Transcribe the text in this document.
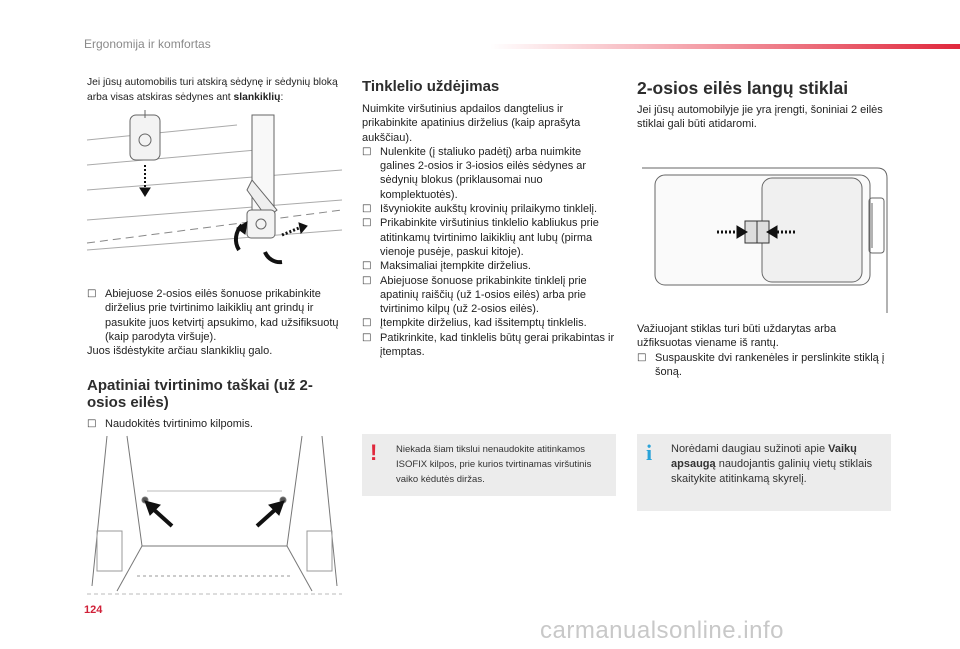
Ergonomija ir komfortas
Jei jūsų automobilis turi atskirą sėdynę ir sėdynių bloką arba visas atskiras sėdynes ant slankiklių:
□ Abiejuose 2-osios eilės šonuose prikabinkite dirželius prie tvirtinimo laikiklių ant grindų ir pasukite juos ketvirtį apsukimo, kad užsifiksuotų (kaip parodyta viršuje).

Juos išdėstykite arčiau slankiklių galo.

Apatiniai tvirtinimo taškai (už 2-osios eilės)
□ Naudokitės tvirtinimo kilpomis.
Tinklelio uždėjimas

Nuimkite viršutinius apdailos dangtelius ir prikabinkite apatinius dirželius (kaip aprašyta aukščiau).

□ Nulenkite (į staliuko padėtį) arba nuimkite galines 2-osios ir 3-iosios eilės sėdynes ar sėdynių blokus (priklausomai nuo komplektuotės).
□ Išvyniokite aukštų krovinių prilaikymo tinklelį.
□ Prikabinkite viršutinius tinklelio kabliukus prie atitinkamų tvirtinimo laikiklių ant lubų (pirma vienoje pusėje, paskui kitoje).
□ Maksimaliai įtempkite dirželius.
□ Abiejuose šonuose prikabinkite tinklelį prie apatinių raiščių (už 1-osios eilės) arba prie tvirtinimo kilpų (už 2-osios eilės).
□ Įtempkite dirželius, kad išsitemptų tinklelis.
□ Patikrinkite, kad tinklelis būtų gerai prikabintas ir įtemptas.
!	Niekada šiam tikslui nenaudokite atitinkamos ISOFIX kilpos, prie kurios tvirtinamas viršutinis vaiko kėdutės diržas.
2-osios eilės langų stiklai
Jei jūsų automobilyje jie yra įrengti, šoniniai 2 eilės stiklai gali būti atidaromi.

Važiuojant stiklas turi būti uždarytas arba užfiksuotas viename iš rantų.

□ Suspauskite dvi rankenėles ir perslinkite stiklą į šoną.
i Norėdami daugiau sužinoti apie Vaikų apsaugą naudojantis galinių vietų stiklais skaitykite atitinkamą skyrelį.
124
carmanualsonline.info
